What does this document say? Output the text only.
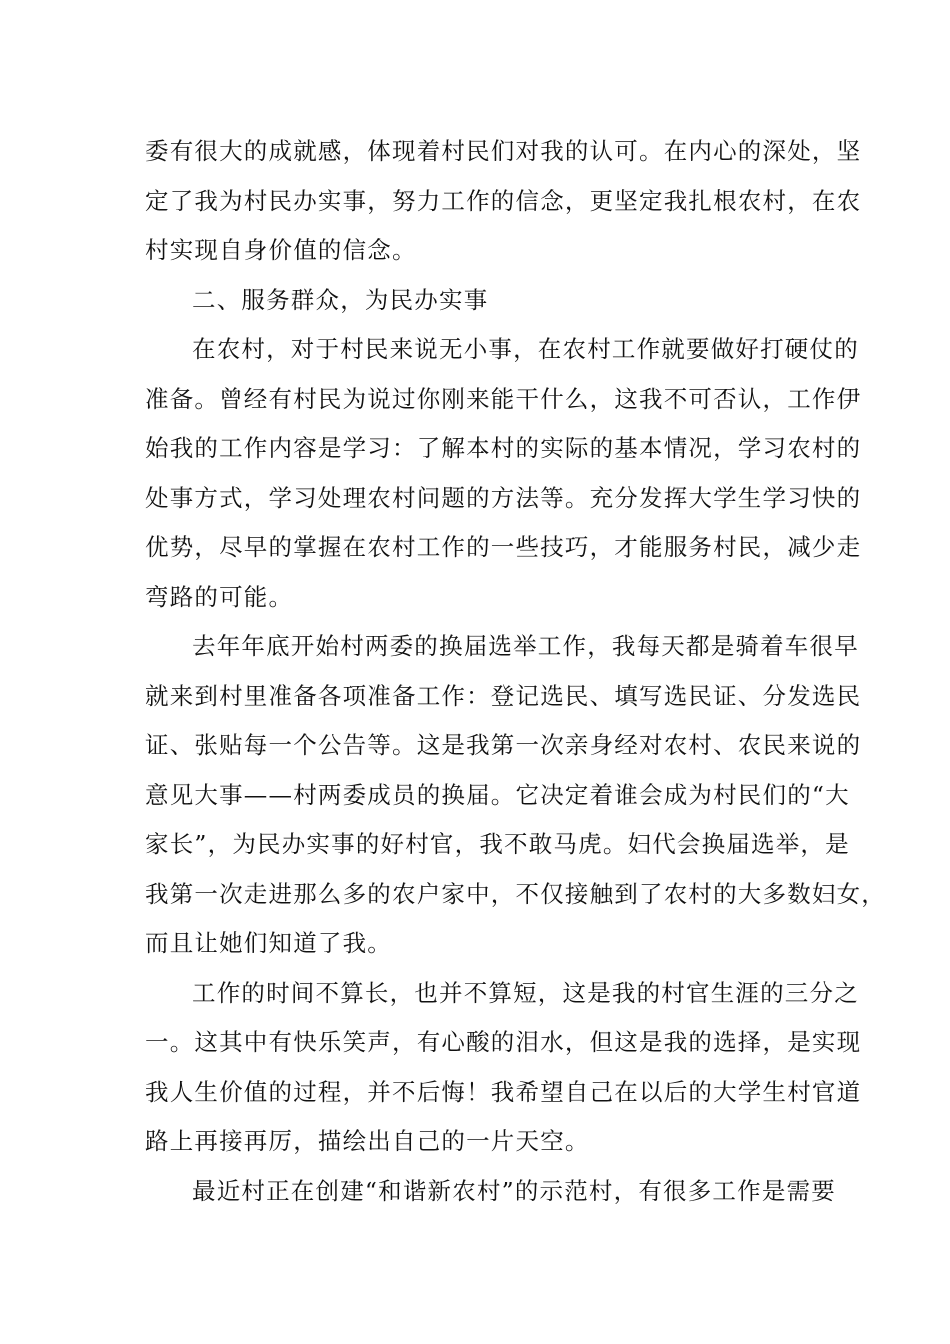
委有很大的成就感，体现着村民们对我的认可。在内心的深处，坚
定了我为村民办实事，努力工作的信念，更坚定我扎根农村，在农
村实现自身价值的信念。
二、服务群众，为民办实事
在农村，对于村民来说无小事，在农村工作就要做好打硬仗的
准备。曾经有村民为说过你刚来能干什么，这我不可否认，工作伊
始我的工作内容是学习：了解本村的实际的基本情况，学习农村的
处事方式，学习处理农村问题的方法等。充分发挥大学生学习快的
优势，尽早的掌握在农村工作的一些技巧，才能服务村民，减少走
弯路的可能。
去年年底开始村两委的换届选举工作，我每天都是骑着车很早
就来到村里准备各项准备工作：登记选民、填写选民证、分发选民
证、张贴每一个公告等。这是我第一次亲身经对农村、农民来说的
意见大事——村两委成员的换届。它决定着谁会成为村民们的“大
家长”，为民办实事的好村官，我不敢马虎。妇代会换届选举，是
我第一次走进那么多的农户家中，不仅接触到了农村的大多数妇女，
而且让她们知道了我。
工作的时间不算长，也并不算短，这是我的村官生涯的三分之
一。这其中有快乐笑声，有心酸的泪水，但这是我的选择，是实现
我人生价值的过程，并不后悔！我希望自己在以后的大学生村官道
路上再接再厉，描绘出自己的一片天空。
最近村正在创建“和谐新农村”的示范村，有很多工作是需要
